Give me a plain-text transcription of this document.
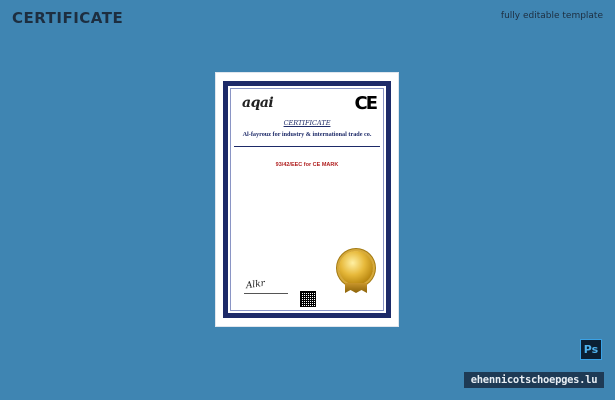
CERTIFICATE	fully editable template
aqai	CE
CERTIFICATE
Al-fayrouz for industry & international trade co.
93/42/EEC for CE MARK
Alkr
Ps
ehennicotschoepges.lu
